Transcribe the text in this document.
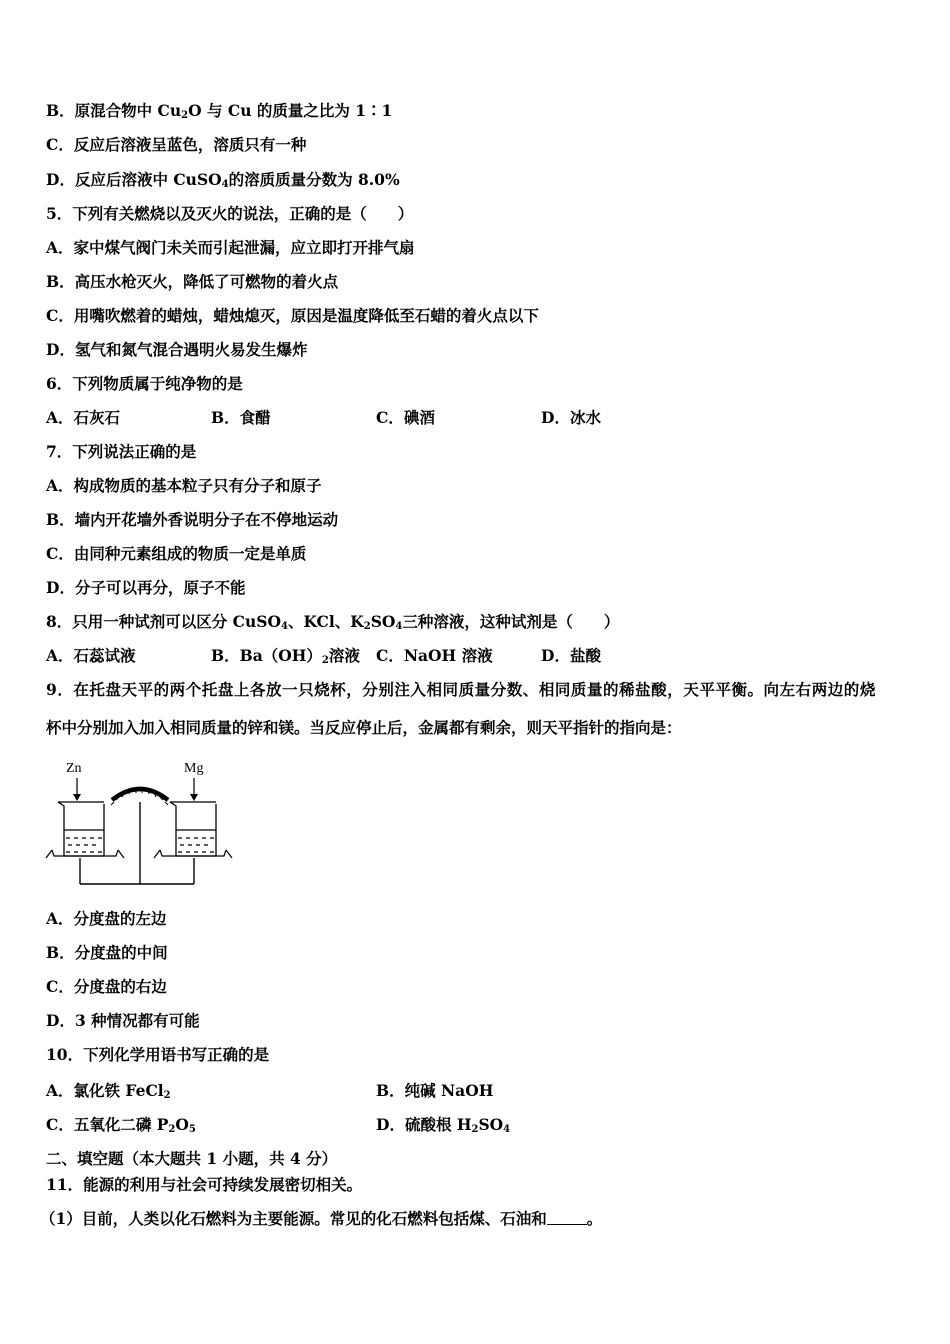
B．原混合物中 $Cu_2O$ 与 Cu 的质量之比为 1∶1
C．反应后溶液呈蓝色，溶质只有一种
D．反应后溶液中 CuSO$_4$的溶质质量分数为 8.0%
5．下列有关燃烧以及灭火的说法，正确的是（　　）
A．家中煤气阀门未关而引起泄漏，应立即打开排气扇
B．高压水枪灭火，降低了可燃物的着火点
C．用嘴吹燃着的蜡烛，蜡烛熄灭，原因是温度降低至石蜡的着火点以下
D．氢气和氮气混合遇明火易发生爆炸
6．下列物质属于纯净物的是
A．石灰石	B．食醋	C．碘酒	D．冰水
7．下列说法正确的是
A．构成物质的基本粒子只有分子和原子
B．墙内开花墙外香说明分子在不停地运动
C．由同种元素组成的物质一定是单质
D．分子可以再分，原子不能
8．只用一种试剂可以区分 CuSO$_4$、KCl、$K_2SO_4$三种溶液，这种试剂是（　　）
A．石蕊试液	B．$Ba(OH)_2$溶液 C．NaOH 溶液	D．盐酸
9．在托盘天平的两个托盘上各放一只烧杯，分别注入相同质量分数、相同质量的稀盐酸，天平平衡。向左右两边的烧
杯中分别加入加入相同质量的锌和镁。当反应停止后，金属都有剩余，则天平指针的指向是：
Zn	Mg
A．分度盘的左边
B．分度盘的中间
C．分度盘的右边
D．3 种情况都有可能
10．下列化学用语书写正确的是
A．氯化铁 FeCl$_2$	B．纯碱 NaOH
C．五氧化二磷 $P_2O_5$	D．硫酸根 $H_2SO_4$
二、填空题（本大题共 1 小题，共 4 分）
11．能源的利用与社会可持续发展密切相关。
（1）目前，人类以化石燃料为主要能源。常见的化石燃料包括煤、石油和	。
